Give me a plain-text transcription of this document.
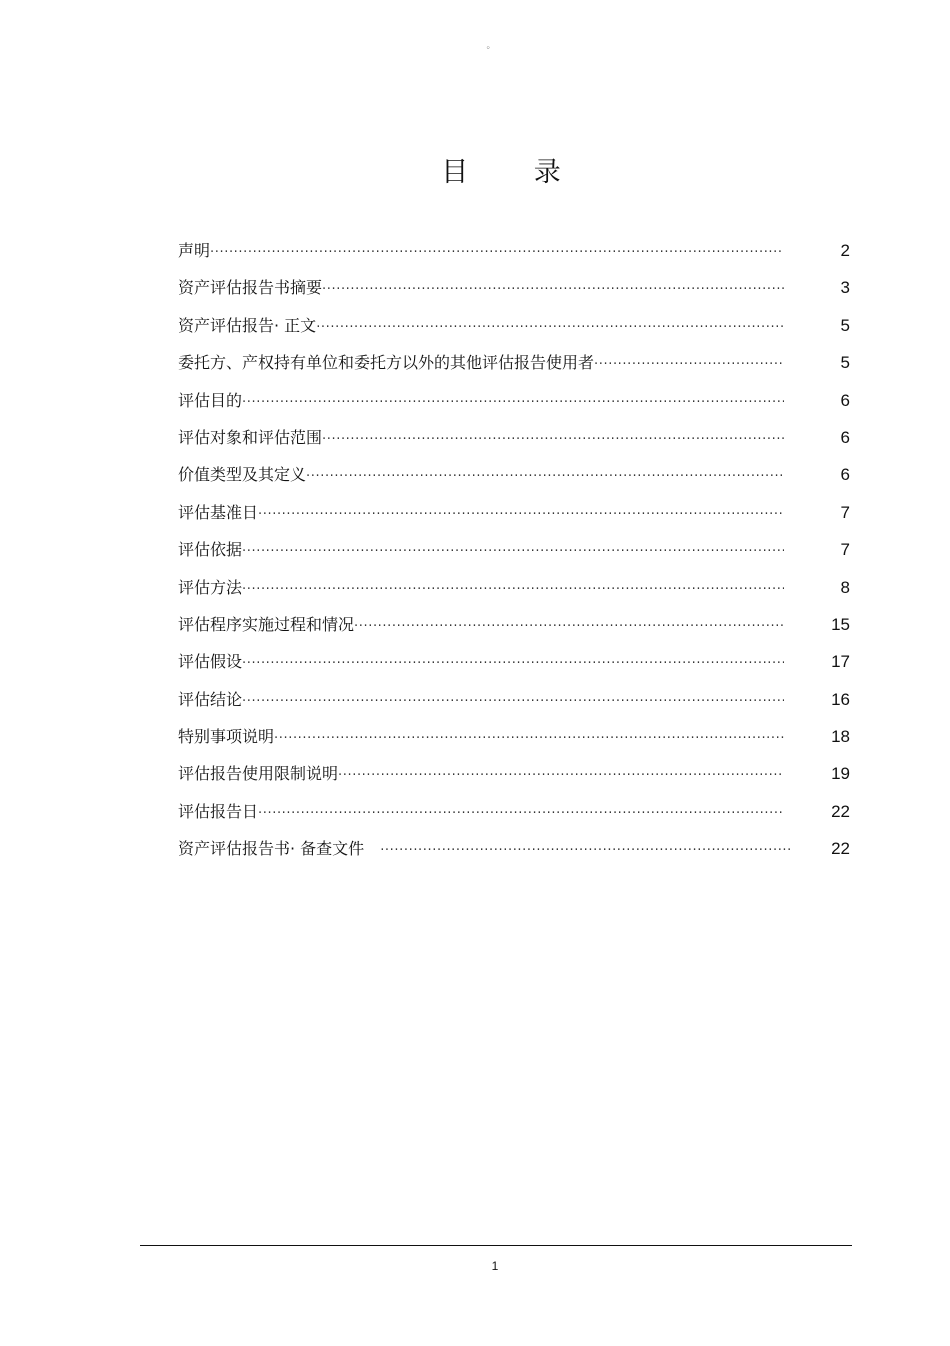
。
目      录
声明 ·····	2
资产评估报告书摘要 ·····	3
资产评估报告· 正文 ·····	5
委托方、产权持有单位和委托方以外的其他评估报告使用者 ·····	5
评估目的 ·····	6
评估对象和评估范围 ·····	6
价值类型及其定义 ·····	6
评估基准日 ·····	7
评估依据 ·····	7
评估方法 ·····	8
评估程序实施过程和情况 ·····	15
评估假设 ·····	17
评估结论 ·····	16
特别事项说明 ·····	18
评估报告使用限制说明 ·····	19
评估报告日 ·····	22
资产评估报告书· 备查文件 ·····	22
1
